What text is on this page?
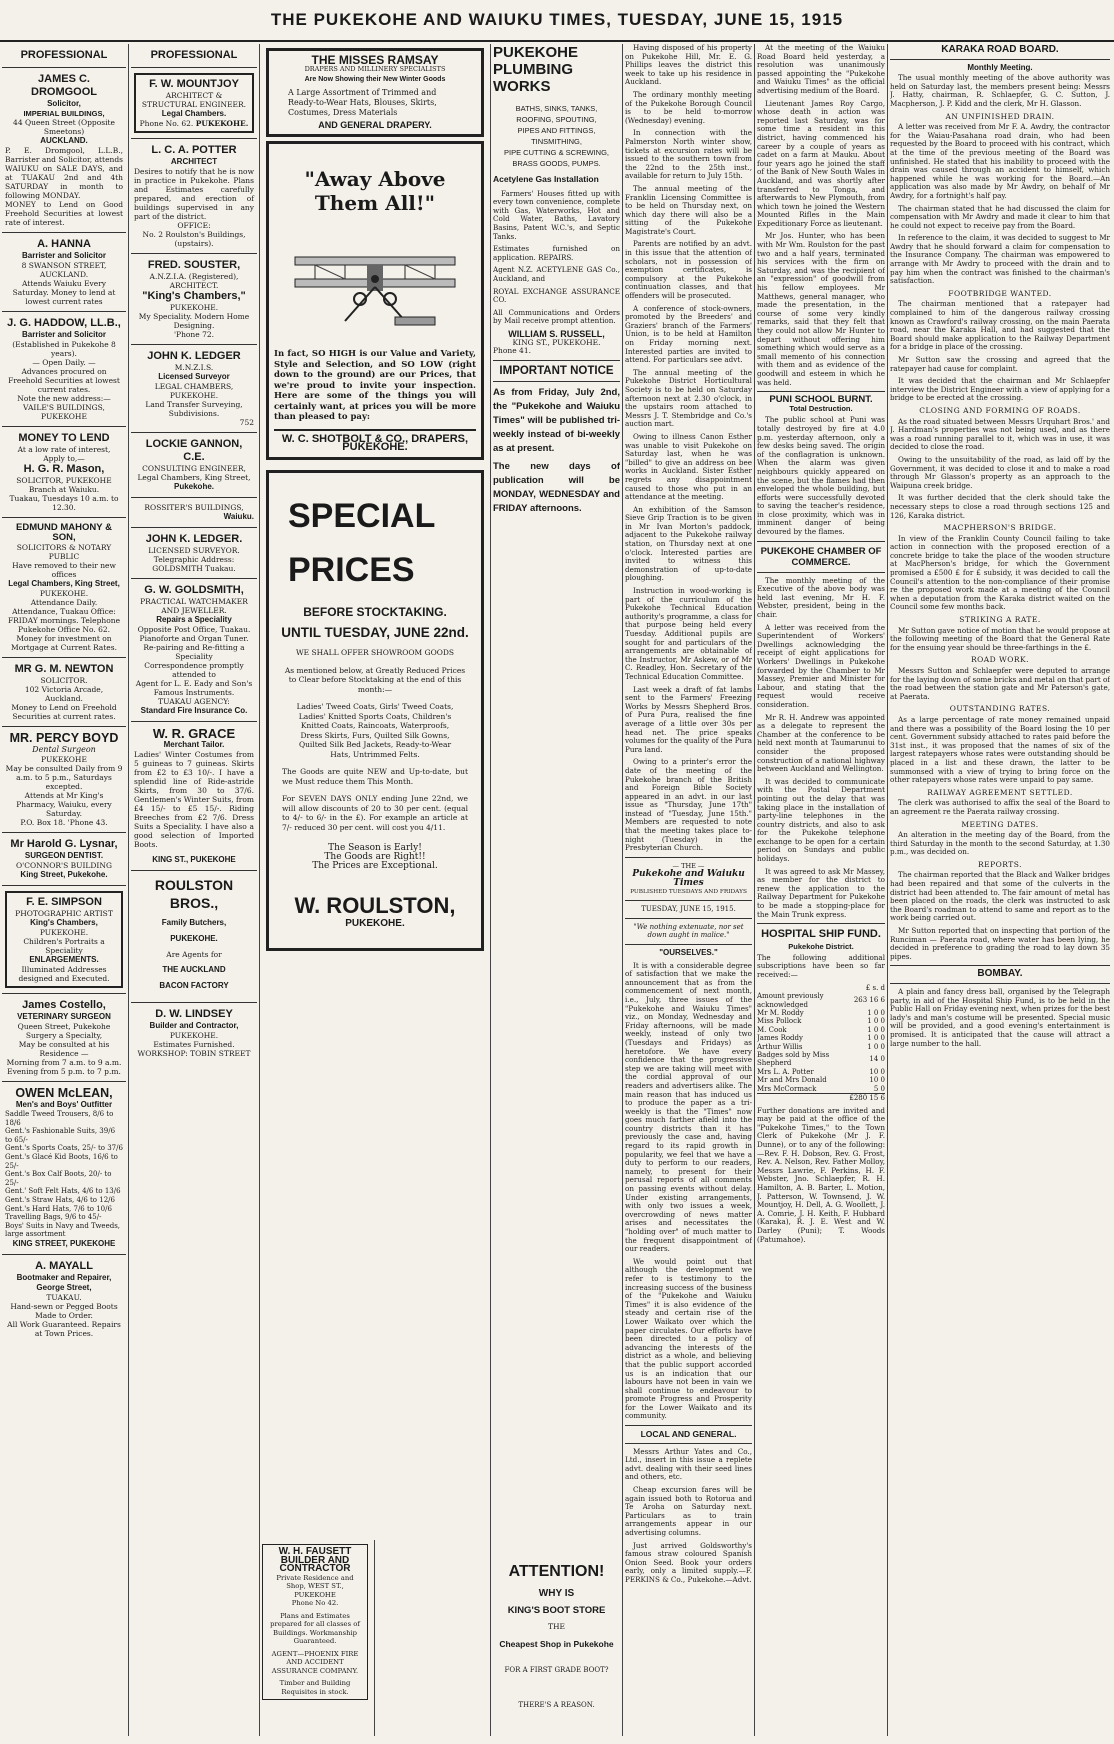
THE PUKEKOHE AND WAIUKU TIMES, TUESDAY, JUNE 15, 1915
PROFESSIONAL
JAMES C. DROMGOOL
Solicitor,
IMPERIAL BUILDINGS,
44 Queen Street (Opposite Smeetons)
AUCKLAND.
P. E. Dromgool, L.L.B., Barrister and Solicitor, attends WAIUKU on SALE DAYS, and at TUAKAU 2nd and 4th SATURDAY in month to following MONDAY.
MONEY to Lend on Good Freehold Securities at lowest rate of interest.
A. HANNA
Barrister and Solicitor
8 SWANSON STREET, AUCKLAND.
Attends Waiuku Every Saturday. Money to lend at lowest current rates
J. G. HADDOW, LL.B.,
Barrister and Solicitor
(Established in Pukekohe 8 years).
— Open Daily. —
Advances procured on Freehold Securities at lowest current rates.
Note the new address:— VAILE'S BUILDINGS, PUKEKOHE
MONEY TO LEND
At a low rate of interest,
Apply to,—
H. G. R. Mason,
SOLICITOR, PUKEKOHE
Branch at Waiuku.
Tuakau, Tuesdays 10 a.m. to 12.30.
EDMUND MAHONY & SON,
SOLICITORS & NOTARY PUBLIC
Have removed to their new offices
Legal Chambers, King Street,
PUKEKOHE.
Attendance Daily.
Attendance, Tuakau Office: FRIDAY mornings. Telephone Pukekohe Office No. 62.
Money for investment on Mortgage at Current Rates.
MR G. M. NEWTON
SOLICITOR.
102 Victoria Arcade, Auckland.
Money to Lend on Freehold Securities at current rates.
MR. PERCY BOYD
Dental Surgeon
PUKEKOHE
May be consulted Daily from 9 a.m. to 5 p.m., Saturdays excepted.
Attends at Mr King's Pharmacy, Waiuku, every Saturday.
P.O. Box 18. 'Phone 43.
Mr Harold G. Lysnar,
SURGEON DENTIST.
O'CONNOR'S BUILDING
King Street, Pukekohe.
F. E. SIMPSON
PHOTOGRAPHIC ARTIST
King's Chambers,
PUKEKOHE.
Children's Portraits a Speciality
ENLARGEMENTS.
Illuminated Addresses designed and Executed.
James Costello,
VETERINARY SURGEON
Queen Street, Pukekohe
Surgery a Specialty,
May be consulted at his Residence —
Morning from 7 a.m. to 9 a.m.
Evening from 5 p.m. to 7 p.m.
OWEN McLEAN,
Men's and Boys' Outfitter
Saddle Tweed Trousers, 8/6 to 18/6
Gent.'s Fashionable Suits, 39/6 to 65/-
Gent.'s Sports Coats, 25/- to 37/6
Gent.'s Glacé Kid Boots, 16/6 to 25/-
Gent.'s Box Calf Boots, 20/- to 25/-
Gent.' Soft Felt Hats, 4/6 to 13/6
Gent.'s Straw Hats, 4/6 to 12/6
Gent.'s Hard Hats, 7/6 to 10/6
Travelling Bags, 9/6 to 45/-
Boys' Suits in Navy and Tweeds, large assortment
KING STREET, PUKEKOHE
A. MAYALL
Bootmaker and Repairer,
George Street,
TUAKAU.
Hand-sewn or Pegged Boots Made to Order.
All Work Guaranteed. Repairs at Town Prices.
PROFESSIONAL
F. W. MOUNTJOY
ARCHITECT & STRUCTURAL ENGINEER.
Legal Chambers.
Phone No. 62. PUKEKOHE.
L. C. A. POTTER
ARCHITECT
Desires to notify that he is now in practice in Pukekohe. Plans and Estimates carefully prepared, and erection of buildings supervised in any part of the district.
OFFICE:
No. 2 Roulston's Buildings, (upstairs).
FRED. SOUSTER,
A.N.Z.I.A. (Registered),
ARCHITECT.
"King's Chambers,"
PUKEKOHE.
My Speciality. Modern Home Designing.
'Phone 72.
JOHN K. LEDGER
M.N.Z.I.S.
Licensed Surveyor
LEGAL CHAMBERS,
PUKEKOHE.
Land Transfer Surveying, Subdivisions.
752
LOCKIE GANNON, C.E.
CONSULTING ENGINEER,
Legal Chambers, King Street,
Pukekohe.
ROSSITER'S BUILDINGS,
Waiuku.
JOHN K. LEDGER.
LICENSED SURVEYOR.
Telegraphic Address: GOLDSMITH Tuakau.
G. W. GOLDSMITH,
PRACTICAL WATCHMAKER AND JEWELLER.
Repairs a Speciality
Opposite Post Office, Tuakau.
Pianoforte and Organ Tuner. Re-pairing and Re-fitting a Speciality
Correspondence promptly attended to
Agent for L. E. Eady and Son's Famous Instruments.
TUAKAU AGENCY:
Standard Fire Insurance Co.
W. R. GRACE
Merchant Tailor.
Ladies' Winter Costumes from 5 guineas to 7 guineas. Skirts from £2 to £3 10/-. I have a splendid line of Ride-astride Skirts, from 30 to 37/6. Gentlemen's Winter Suits, from £4 15/- to £5 15/-. Riding Breeches from £2 7/6. Dress Suits a Speciality. I have also a good selection of Imported Boots.
KING ST., PUKEKOHE
ROULSTON BROS.,
Family Butchers,
PUKEKOHE.
Are Agents for
THE AUCKLAND
BACON FACTORY
D. W. LINDSEY
Builder and Contractor,
PUKEKOHE.
Estimates Furnished.
WORKSHOP: TOBIN STREET
THE MISSES RAMSAY
DRAPERS AND MILLINERY SPECIALISTS
Are Now Showing their New Winter Goods
A Large Assortment of Trimmed and Ready-to-Wear Hats, Blouses, Skirts, Costumes, Dress Materials
AND GENERAL DRAPERY.
"Away Above Them All!"
In fact, SO HIGH is our Value and Variety, Style and Selection, and SO LOW (right down to the ground) are our Prices, that we're proud to invite your inspection. Here are some of the things you will certainly want, at prices you will be more than pleased to pay:
W. C. SHOTBOLT & CO., DRAPERS, PUKEKOHE.
SPECIAL
PRICES
BEFORE STOCKTAKING.
UNTIL TUESDAY, JUNE 22nd.
WE SHALL OFFER SHOWROOM GOODS
As mentioned below, at Greatly Reduced Prices to Clear before Stocktaking at the end of this month:—
Ladies' Tweed Coats, Girls' Tweed Coats, Ladies' Knitted Sports Coats, Children's Knitted Coats, Raincoats, Waterproofs, Dress Skirts, Furs, Quilted Silk Gowns, Quilted Silk Bed Jackets, Ready-to-Wear Hats, Untrimmed Felts.
The Goods are quite NEW and Up-to-date, but we Must reduce them This Month.
For SEVEN DAYS ONLY ending June 22nd, we will allow discounts of 20 to 30 per cent. (equal to 4/- to 6/- in the £). For example an article at 7/- reduced 30 per cent. will cost you 4/11.
The Season is Early!
The Goods are Right!!
The Prices are Exceptional.
W. ROULSTON,
PUKEKOHE.
W. H. FAUSETT
BUILDER AND
CONTRACTOR
Private Residence and Shop, WEST ST., PUKEKOHE
Phone No 42.
Plans and Estimates prepared for all classes of Buildings. Workmanship Guaranteed.
AGENT—PHOENIX FIRE AND ACCIDENT ASSURANCE COMPANY.
Timber and Building Requisites in stock.
PUKEKOHE
PLUMBING
WORKS
BATHS, SINKS, TANKS,
ROOFING, SPOUTING,
PIPES AND FITTINGS,
TINSMITHING,
PIPE CUTTING & SCREWING,
BRASS GOODS, PUMPS.
Acetylene Gas Installation

Farmers' Houses fitted up with every town convenience, complete with Gas, Waterworks, Hot and Cold Water, Baths, Lavatory Basins, Patent W.C.'s, and Septic Tanks.

Estimates furnished on application. REPAIRS.

Agent N.Z. ACETYLENE GAS Co., Auckland, and

ROYAL EXCHANGE ASSURANCE CO.

All Communications and Orders by Mail receive prompt attention.

WILLIAM S. RUSSELL,
KING ST., PUKEKOHE.
Phone 41.
IMPORTANT NOTICE
As from Friday, July 2nd, the "Pukekohe and Waiuku Times" will be published tri-weekly instead of bi-weekly as at present.
The new days of publication will be MONDAY, WEDNESDAY and FRIDAY afternoons.
ATTENTION!
WHY IS
KING'S BOOT STORE
THE
Cheapest Shop in Pukekohe
FOR A FIRST GRADE BOOT?
THERE'S A REASON.

Having disposed of his property on Pukekohe Hill, Mr. E. G. Phillips leaves the district this week to take up his residence in Auckland.

The ordinary monthly meeting of the Pukekohe Borough Council is to be held to-morrow (Wednesday) evening.

In connection with the Palmerston North winter show, tickets at excursion rates will be issued to the southern town from the 22nd to the 25th inst., available for return to July 15th.

The annual meeting of the Franklin Licensing Committee is to be held on Thursday next, on which day there will also be a sitting of the Pukekohe Magistrate's Court.

Parents are notified by an advt. in this issue that the attention of scholars, not in possession of exemption certificates, is compulsory at the Pukekohe continuation classes, and that offenders will be prosecuted.

A conference of stock-owners, promoted by the Breeders' and Graziers' branch of the Farmers' Union, is to be held at Hamilton on Friday morning next. Interested parties are invited to attend. For particulars see advt.

The annual meeting of the Pukekohe District Horticultural Society is to be held on Saturday afternoon next at 2.30 o'clock, in the upstairs room attached to Messrs J. T. Stembridge and Co.'s auction mart.

Owing to illness Canon Esther was unable to visit Pukekohe on Saturday last, when he was "billed" to give an address on bee works in Auckland. Sister Esther regrets any disappointment caused to those who put in an attendance at the meeting.

An exhibition of the Samson Sieve Grip Traction is to be given in Mr Ivan Morton's paddock, adjacent to the Pukekohe railway station, on Thursday next at one o'clock. Interested parties are invited to witness this demonstration of up-to-date ploughing.

Instruction in wood-working is part of the curriculum of the Pukekohe Technical Education authority's programme, a class for that purpose being held every Tuesday. Additional pupils are sought for and particulars of the arrangements are obtainable of the Instructor, Mr Askew, or of Mr C. Readley, Hon. Secretary of the Technical Education Committee.

Last week a draft of fat lambs sent to the Farmers' Freezing Works by Messrs Shepherd Bros. of Pura Pura, realised the fine average of a little over 30s per head net. The price speaks volumes for the quality of the Pura Pura land.

Owing to a printer's error the date of the meeting of the Pukekohe branch of the British and Foreign Bible Society appeared in an advt. in our last issue as "Thursday, June 17th" instead of "Tuesday, June 15th." Members are requested to note that the meeting takes place to-night (Tuesday) in the Presbyterian Church.

— THE —
Pukekohe and Waiuku Times
PUBLISHED TUESDAYS AND FRIDAYS
TUESDAY, JUNE 15, 1915.
"We nothing extenuate, nor set down aught in malice."
"OURSELVES."

It is with a considerable degree of satisfaction that we make the announcement that as from the commencement of next month, i.e., July, three issues of the "Pukekohe and Waiuku Times" viz., on Monday, Wednesday and Friday afternoons, will be made weekly, instead of only two (Tuesdays and Fridays) as heretofore. We have every confidence that the progressive step we are taking will meet with the cordial approval of our readers and advertisers alike. The main reason that has induced us to produce the paper as a tri-weekly is that the "Times" now goes much farther afield into the country districts than it has previously the case and, having regard to its rapid growth in popularity, we feel that we have a duty to perform to our readers, namely, to present for their perusal reports of all comments on passing events without delay. Under existing arrangements, with only two issues a week, overcrowding of news matter arises and necessitates the "holding over" of much matter to the frequent disappointment of our readers.

We would point out that although the development we refer to is testimony to the increasing success of the business of the "Pukekohe and Waiuku Times" it is also evidence of the steady and certain rise of the Lower Waikato over which the paper circulates. Our efforts have been directed to a policy of advancing the interests of the district as a whole, and believing that the public support accorded us is an indication that our labours have not been in vain we shall continue to endeavour to promote Progress and Prosperity for the Lower Waikato and its community.

LOCAL AND GENERAL.

Messrs Arthur Yates and Co., Ltd., insert in this issue a replete advt. dealing with their seed lines and others, etc.

Cheap excursion fares will be again issued both to Rotorua and Te Aroha on Saturday next. Particulars as to train arrangements appear in our advertising columns.

Just arrived Goldsworthy's famous straw coloured Spanish Onion Seed. Book your orders early, only a limited supply.—F. PERKINS & Co., Pukekohe.—Advt.

At the meeting of the Waiuku Road Board held yesterday, a resolution was unanimously passed appointing the "Pukekohe and Waiuku Times" as the official advertising medium of the Board.

Lieutenant James Roy Cargo, whose death in action was reported last Saturday, was for some time a resident in this district, having commenced his career by a couple of years as cadet on a farm at Mauku. About four years ago he joined the staff of the Bank of New South Wales in Auckland, and was shortly after transferred to Tonga, and afterwards to New Plymouth, from which town he joined the Western Mounted Rifles in the Main Expeditionary Force as lieutenant.

Mr Jos. Hunter, who has been with Mr Wm. Roulston for the past two and a half years, terminated his services with the firm on Saturday, and was the recipient of an "expression" of goodwill from his fellow employees. Mr Matthews, general manager, who made the presentation, in the course of some very kindly remarks, said that they felt that they could not allow Mr Hunter to depart without offering him something which would serve as a small memento of his connection with them and as evidence of the goodwill and esteem in which he was held.

PUNI SCHOOL BURNT.
Total Destruction.

The public school at Puni was totally destroyed by fire at 4.0 p.m. yesterday afternoon, only a few desks being saved. The origin of the conflagration is unknown. When the alarm was given neighbours quickly appeared on the scene, but the flames had then enveloped the whole building, but efforts were successfully devoted to saving the teacher's residence, in close proximity, which was in imminent danger of being devoured by the flames.

PUKEKOHE CHAMBER OF COMMERCE.

The monthly meeting of the Executive of the above body was held last evening, Mr H. F. Webster, president, being in the chair.

A letter was received from the Superintendent of Workers' Dwellings acknowledging the receipt of eight applications for Workers' Dwellings in Pukekohe forwarded by the Chamber to Mr Massey, Premier and Minister for Labour, and stating that the request would receive consideration.

Mr R. H. Andrew was appointed as a delegate to represent the Chamber at the conference to be held next month at Taumarunui to consider the proposed construction of a national highway between Auckland and Wellington.

It was decided to communicate with the Postal Department pointing out the delay that was taking place in the installation of party-line telephones in the country districts, and also to ask for the Pukekohe telephone exchange to be open for a certain period on Sundays and public holidays.

It was agreed to ask Mr Massey, as member for the district to renew the application to the Railway Department for Pukekohe to be made a stopping-place for the Main Trunk express.

HOSPITAL SHIP FUND.
Pukekohe District.

The following additional subscriptions have been so far received:—

£ s. d
Amount previously acknowledged	263 16 6
Mr M. Roddy	1 0 0
Miss Pollock	1 0 0
M. Cook	1 0 0
James Roddy	1 0 0
Arthur Willis	1 0 0
Badges sold by Miss Shepherd	14 0
Mrs L. A. Potter	10 0
Mr and Mrs Donald	10 0
Mrs McCormack	5 0
£280 15 6

Further donations are invited and may be paid at the office of the "Pukekohe Times," to the Town Clerk of Pukekohe (Mr J. F. Dunne), or to any of the following:—Rev. F. H. Dobson, Rev. G. Frost, Rev. A. Nelson, Rev. Father Molloy, Messrs Lawrie, F. Perkins, H. F. Webster, Jno. Schlaepfer, R. H. Hamilton, A. B. Barter, L. Motion, J. Patterson, W. Townsend, J. W. Mountjoy, H. Dell, A. G. Woollett, J. A. Comrie, J. H. Keith, F. Hubbard (Karaka), R. J. E. West and W. Darley (Puni); T. Woods (Patumahoe).

KARAKA ROAD BOARD.
Monthly Meeting.

The usual monthly meeting of the above authority was held on Saturday last, the members present being: Messrs J. Hatty, chairman, R. Schlaepfer, G. C. Sutton, J. Macpherson, J. P. Kidd and the clerk, Mr H. Glasson.

AN UNFINISHED DRAIN.

A letter was received from Mr F. A. Awdry, the contractor for the Waiau-Pasahana road drain, who had been requested by the Board to proceed with his contract, which at the time of the previous meeting of the Board was unfinished. He stated that his inability to proceed with the drain was caused through an accident to himself, which happened while he was working for the Board.—An application was also made by Mr Awdry, on behalf of Mr Awdry, for a fortnight's half pay.

The chairman stated that he had discussed the claim for compensation with Mr Awdry and made it clear to him that he could not expect to receive pay from the Board.

In reference to the claim, it was decided to suggest to Mr Awdry that he should forward a claim for compensation to the Insurance Company. The chairman was empowered to arrange with Mr Awdry to proceed with the drain and to pay him when the contract was finished to the chairman's satisfaction.

FOOTBRIDGE WANTED.

The chairman mentioned that a ratepayer had complained to him of the dangerous railway crossing known as Crawford's railway crossing, on the main Paerata road, near the Karaka Hall, and had suggested that the Board should make application to the Railway Department for a bridge in place of the crossing.

Mr Sutton saw the crossing and agreed that the ratepayer had cause for complaint.

It was decided that the chairman and Mr Schlaepfer interview the District Engineer with a view of applying for a bridge to be erected at the crossing.

CLOSING AND FORMING OF ROADS.

As the road situated between Messrs Urquhart Bros.' and J. Hardman's properties was not being used, and as there was a road running parallel to it, which was in use, it was decided to close the road.

Owing to the unsuitability of the road, as laid off by the Government, it was decided to close it and to make a road through Mr Glasson's property as an approach to the Waipuna creek bridge.

It was further decided that the clerk should take the necessary steps to close a road through sections 125 and 126, Karaka district.

MACPHERSON'S BRIDGE.

In view of the Franklin County Council failing to take action in connection with the proposed erection of a concrete bridge to take the place of the wooden structure at MacPherson's bridge, for which the Government promised a £500 £ for £ subsidy, it was decided to call the Council's attention to the non-compliance of their promise re the proposed work made at a meeting of the Council when a deputation from the Karaka district waited on the Council some few months back.

STRIKING A RATE.

Mr Sutton gave notice of motion that he would propose at the following meeting of the Board that the General Rate for the ensuing year should be three-farthings in the £.

ROAD WORK.

Messrs Sutton and Schlaepfer were deputed to arrange for the laying down of some bricks and metal on that part of the road between the station gate and Mr Paterson's gate, at Paerata.

OUTSTANDING RATES.

As a large percentage of rate money remained unpaid and there was a possibility of the Board losing the 10 per cent. Government subsidy attached to rates paid before the 31st inst., it was proposed that the names of six of the largest ratepayers whose rates were outstanding should be placed in a list and these drawn, the latter to be summonsed with a view of trying to bring force on the other ratepayers whose rates were unpaid to pay same.

RAILWAY AGREEMENT SETTLED.

The clerk was authorised to affix the seal of the Board to an agreement re the Paerata railway crossing.

MEETING DATES.

An alteration in the meeting day of the Board, from the third Saturday in the month to the second Saturday, at 1.30 p.m., was decided on.

REPORTS.

The chairman reported that the Black and Walker bridges had been repaired and that some of the culverts in the district had been attended to. The fair amount of metal has been placed on the roads, the clerk was instructed to ask the Board's roadman to attend to same and report as to the work being carried out.

Mr Sutton reported that on inspecting that portion of the Runciman — Paerata road, where water has been lying, he decided in preference to grading the road to lay down 35 pipes.

BOMBAY.

A plain and fancy dress ball, organised by the Telegraph party, in aid of the Hospital Ship Fund, is to be held in the Public Hall on Friday evening next, when prizes for the best lady's and man's costume will be presented. Special music will be provided, and a good evening's entertainment is promised. It is anticipated that the cause will attract a large number to the hall.
